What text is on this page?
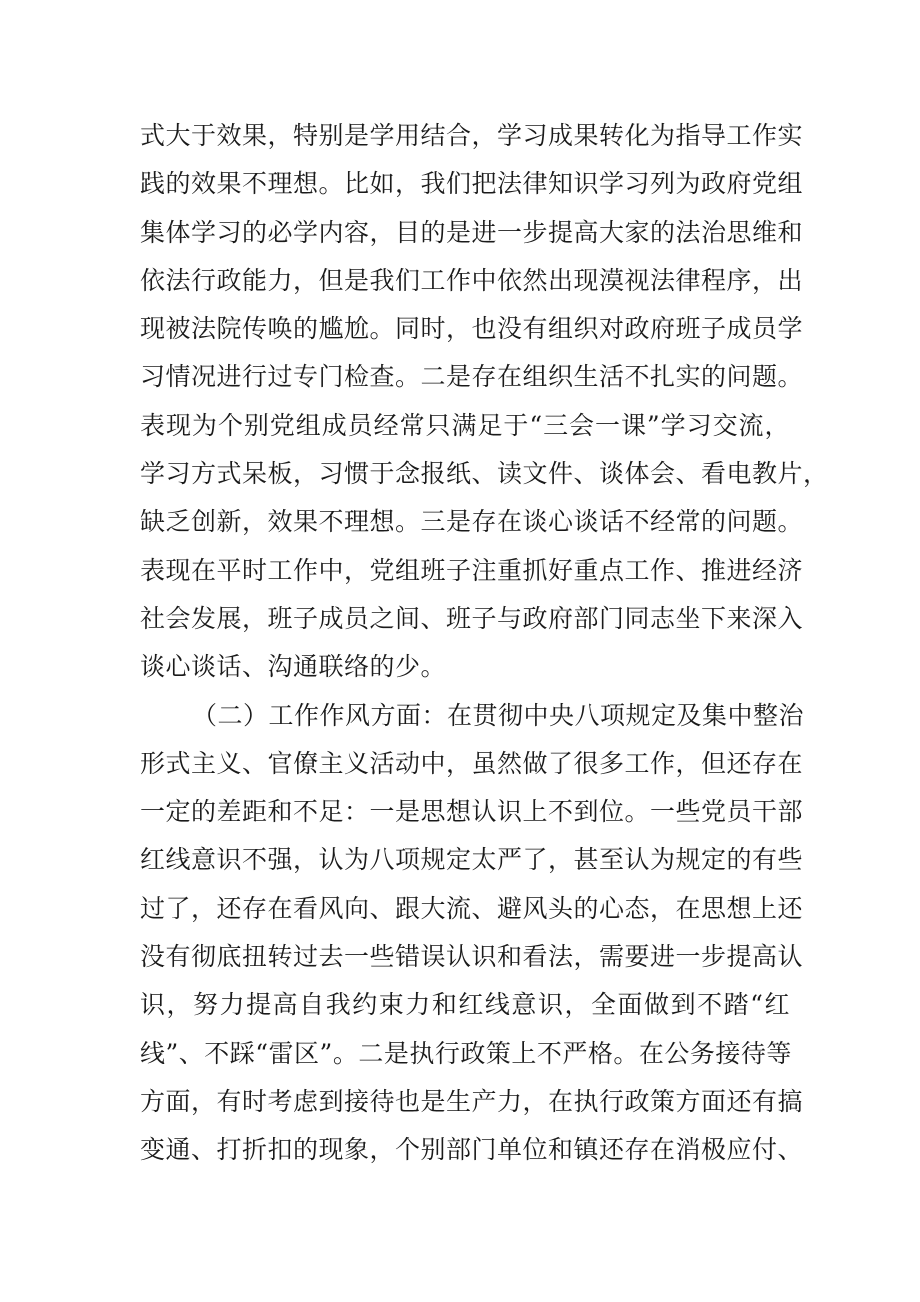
式大于效果，特别是学用结合，学习成果转化为指导工作实
践的效果不理想。比如，我们把法律知识学习列为政府党组
集体学习的必学内容，目的是进一步提高大家的法治思维和
依法行政能力，但是我们工作中依然出现漠视法律程序，出
现被法院传唤的尴尬。同时，也没有组织对政府班子成员学
习情况进行过专门检查。二是存在组织生活不扎实的问题。
表现为个别党组成员经常只满足于“三会一课”学习交流，
学习方式呆板，习惯于念报纸、读文件、谈体会、看电教片，
缺乏创新，效果不理想。三是存在谈心谈话不经常的问题。
表现在平时工作中，党组班子注重抓好重点工作、推进经济
社会发展，班子成员之间、班子与政府部门同志坐下来深入
谈心谈话、沟通联络的少。
（二）工作作风方面：在贯彻中央八项规定及集中整治
形式主义、官僚主义活动中，虽然做了很多工作，但还存在
一定的差距和不足：一是思想认识上不到位。一些党员干部
红线意识不强，认为八项规定太严了，甚至认为规定的有些
过了，还存在看风向、跟大流、避风头的心态，在思想上还
没有彻底扭转过去一些错误认识和看法，需要进一步提高认
识，努力提高自我约束力和红线意识，全面做到不踏“红
线”、不踩“雷区”。二是执行政策上不严格。在公务接待等
方面，有时考虑到接待也是生产力，在执行政策方面还有搞
变通、打折扣的现象，个别部门单位和镇还存在消极应付、
